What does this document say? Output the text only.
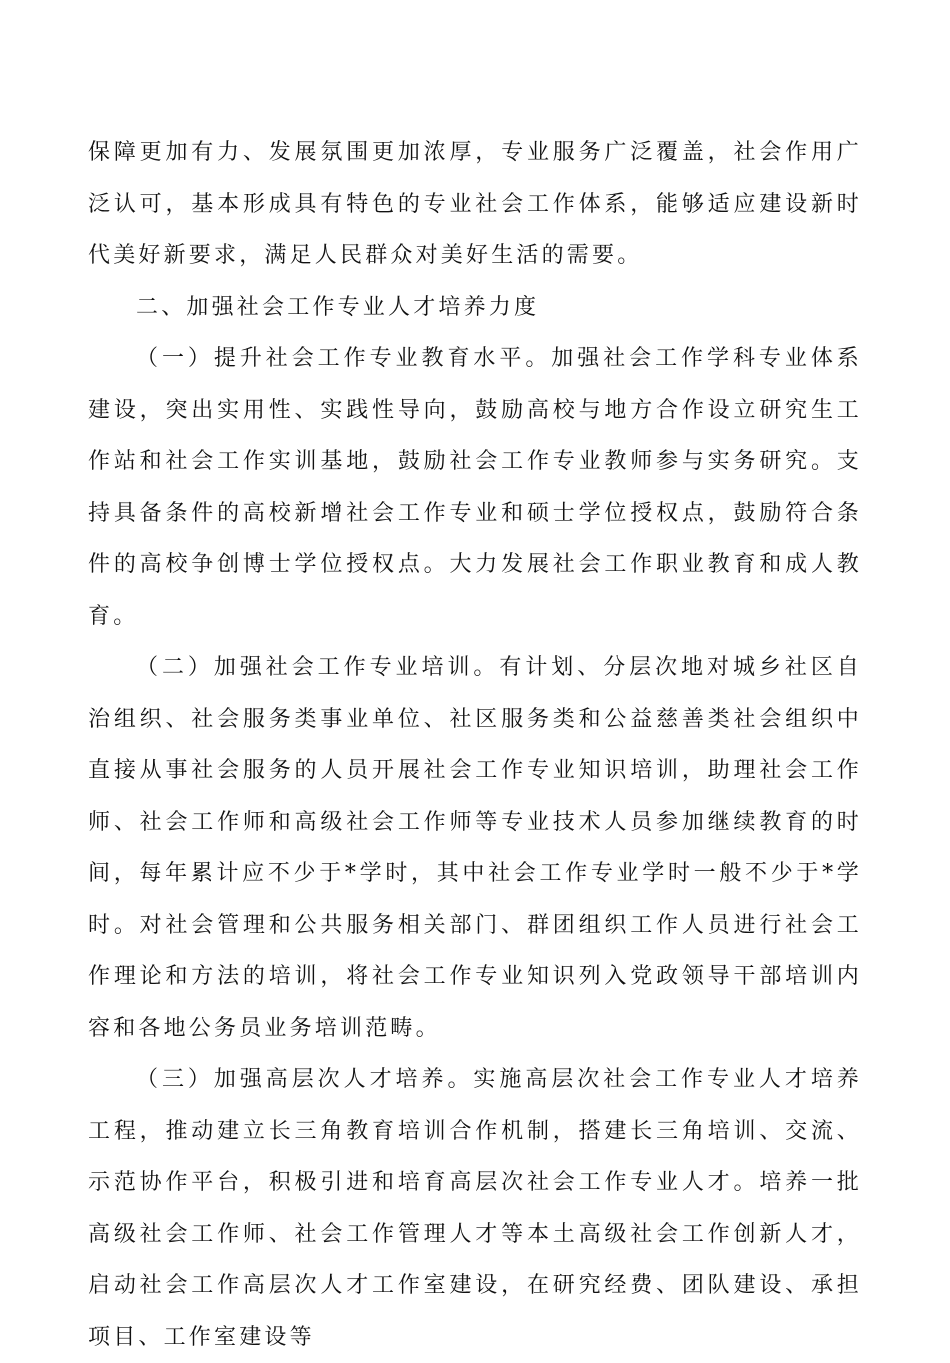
保障更加有力、发展氛围更加浓厚，专业服务广泛覆盖，社会作用广泛认可，基本形成具有特色的专业社会工作体系，能够适应建设新时代美好新要求，满足人民群众对美好生活的需要。

二、加强社会工作专业人才培养力度

（一）提升社会工作专业教育水平。加强社会工作学科专业体系建设，突出实用性、实践性导向，鼓励高校与地方合作设立研究生工作站和社会工作实训基地，鼓励社会工作专业教师参与实务研究。支持具备条件的高校新增社会工作专业和硕士学位授权点，鼓励符合条件的高校争创博士学位授权点。大力发展社会工作职业教育和成人教育。

（二）加强社会工作专业培训。有计划、分层次地对城乡社区自治组织、社会服务类事业单位、社区服务类和公益慈善类社会组织中直接从事社会服务的人员开展社会工作专业知识培训，助理社会工作师、社会工作师和高级社会工作师等专业技术人员参加继续教育的时间，每年累计应不少于*学时，其中社会工作专业学时一般不少于*学时。对社会管理和公共服务相关部门、群团组织工作人员进行社会工作理论和方法的培训，将社会工作专业知识列入党政领导干部培训内容和各地公务员业务培训范畴。

（三）加强高层次人才培养。实施高层次社会工作专业人才培养工程，推动建立长三角教育培训合作机制，搭建长三角培训、交流、示范协作平台，积极引进和培育高层次社会工作专业人才。培养一批高级社会工作师、社会工作管理人才等本土高级社会工作创新人才，启动社会工作高层次人才工作室建设，在研究经费、团队建设、承担项目、工作室建设等
